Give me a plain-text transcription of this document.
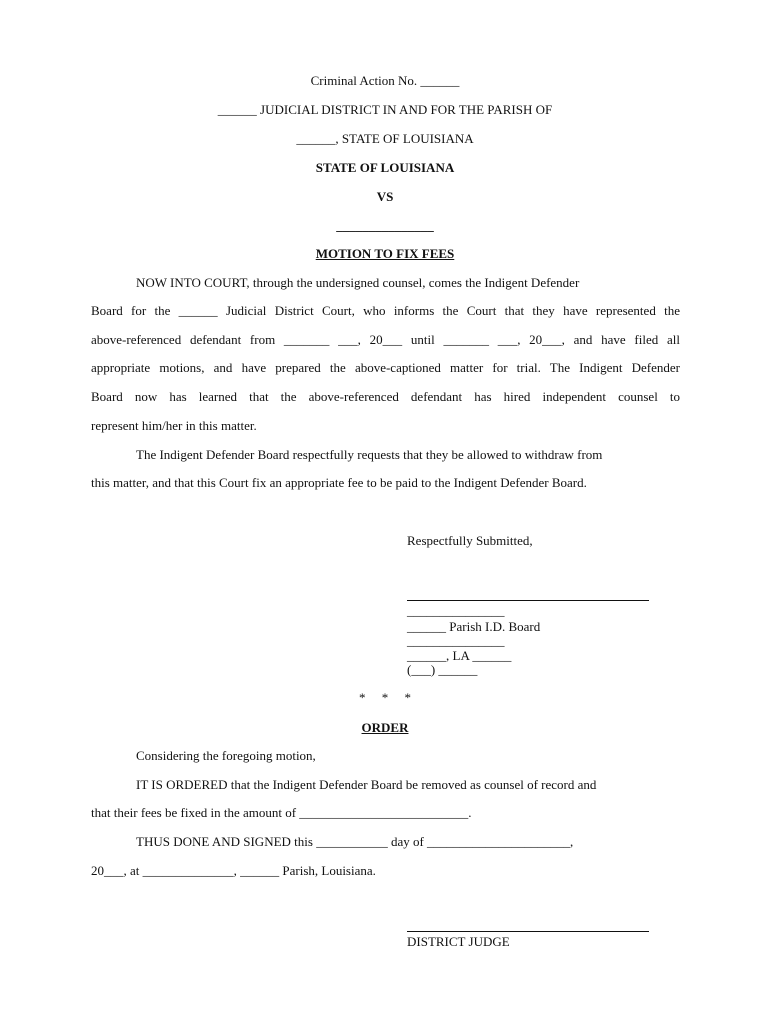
Criminal Action No. ______
______ JUDICIAL DISTRICT IN AND FOR THE PARISH OF
______, STATE OF LOUISIANA
STATE OF LOUISIANA
VS
_______________
MOTION TO FIX FEES
NOW INTO COURT, through the undersigned counsel, comes the Indigent Defender
Board for the ______ Judicial District Court, who informs the Court that they have represented the
above-referenced defendant from _______ ___, 20___ until _______ ___, 20___, and have filed all
appropriate motions, and have prepared the above-captioned matter for trial. The Indigent Defender
Board now has learned that the above-referenced defendant has hired independent counsel to
represent him/her in this matter.
The Indigent Defender Board respectfully requests that they be allowed to withdraw from
this matter, and that this Court fix an appropriate fee to be paid to the Indigent Defender Board.
Respectfully Submitted,
_______________
______ Parish I.D. Board
_______________
______, LA ______
(___) ______
*     *     *
ORDER
Considering the foregoing motion,
IT IS ORDERED that the Indigent Defender Board be removed as counsel of record and
that their fees be fixed in the amount of __________________________.
THUS DONE AND SIGNED this ___________ day of ______________________,
20___, at ______________, ______ Parish, Louisiana.
DISTRICT JUDGE
